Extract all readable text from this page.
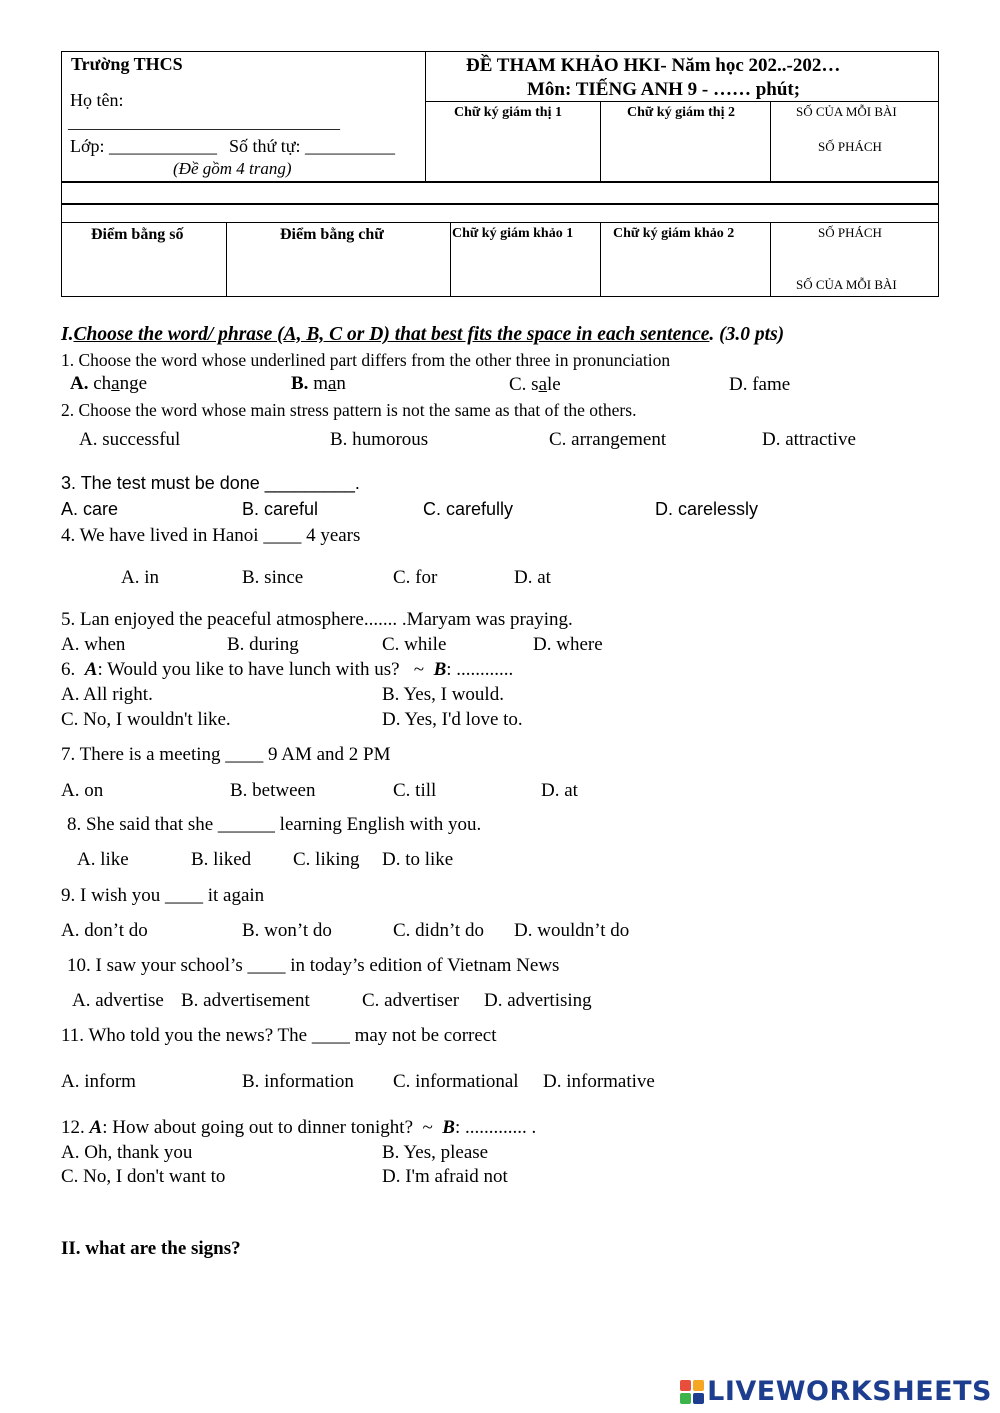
Trường THCS
Họ tên:
________________________________
Lớp: ____________ Số thứ tự: __________
(Đề gồm 4 trang)
ĐỀ THAM KHẢO HKI- Năm học 202..-202…
Môn: TIẾNG ANH 9 - …… phút;
Chữ ký giám thị 1	Chữ ký giám thị 2	SỐ CỦA MỖI BÀI
SỐ PHÁCH
Điểm bằng số	Điểm bằng chữ	Chữ ký giám khảo 1	Chữ ký giám khảo 2	SỐ PHÁCH
SỐ CỦA MỖI BÀI
I.Choose the word/ phrase (A, B, C or D) that best fits the space in each sentence. (3.0 pts)
1. Choose the word whose underlined part differs from the other three in pronunciation
A. change	B. man	C. sale	D. fame
2. Choose the word whose main stress pattern is not the same as that of the others.
A. successful	B. humorous	C. arrangement	D. attractive
3. The test must be done _________.
A. care	B. careful	C. carefully	D. carelessly
4. We have lived in Hanoi ____ 4 years
A. in	B. since	C. for	D. at
5. Lan enjoyed the peaceful atmosphere....... .Maryam was praying.
A. when	B. during	C. while	D. where
6. A: Would you like to have lunch with us? ~ B: ............
A. All right.	B. Yes, I would.
C. No, I wouldn't like.	D. Yes, I'd love to.
7. There is a meeting ____ 9 AM and 2 PM
A. on	B. between	C. till	D. at
8. She said that she ______ learning English with you.
A. like	B. liked C. liking D. to like
9. I wish you ____ it again
A. don’t do	B. won’t do	C. didn’t do D. wouldn’t do
10. I saw your school’s ____ in today’s edition of Vietnam News
A. advertise B. advertisement	C. advertiser D. advertising
11. Who told you the news? The ____ may not be correct
A. inform	B. information C. informational D. informative
12. A: How about going out to dinner tonight? ~ B: ............. .
A. Oh, thank you	B. Yes, please
C. No, I don't want to	D. I'm afraid not
II. what are the signs?
LIVEWORKSHEETS
